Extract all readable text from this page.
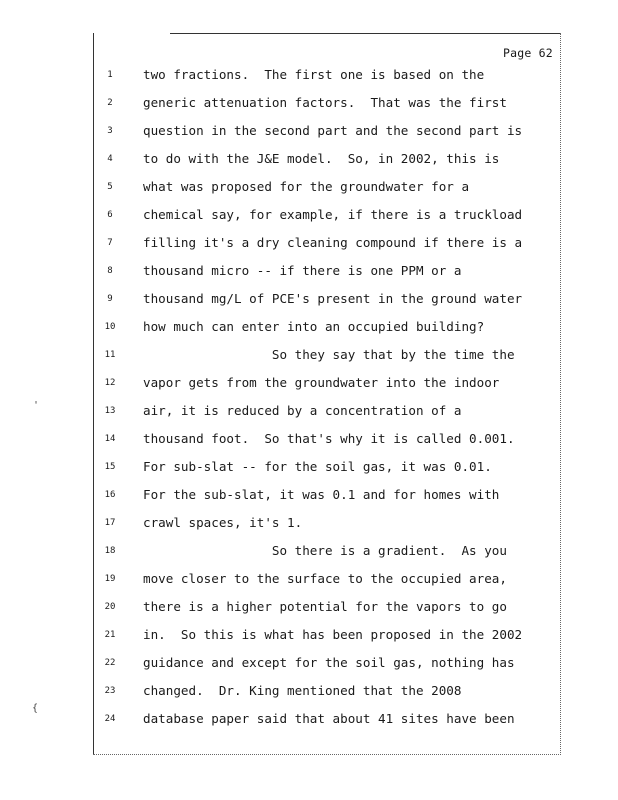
Page 62
'
{
1	two fractions.  The first one is based on the
2	generic attenuation factors.  That was the first
3	question in the second part and the second part is
4	to do with the J&E model.  So, in 2002, this is
5	what was proposed for the groundwater for a
6	chemical say, for example, if there is a truckload
7	filling it's a dry cleaning compound if there is a
8	thousand micro -- if there is one PPM or a
9	thousand mg/L of PCE's present in the ground water
10	how much can enter into an occupied building?
11	So they say that by the time the
12	vapor gets from the groundwater into the indoor
13	air, it is reduced by a concentration of a
14	thousand foot.  So that's why it is called 0.001.
15	For sub-slat -- for the soil gas, it was 0.01.
16	For the sub-slat, it was 0.1 and for homes with
17	crawl spaces, it's 1.
18	So there is a gradient.  As you
19	move closer to the surface to the occupied area,
20	there is a higher potential for the vapors to go
21	in.  So this is what has been proposed in the 2002
22	guidance and except for the soil gas, nothing has
23	changed.  Dr. King mentioned that the 2008
24	database paper said that about 41 sites have been
